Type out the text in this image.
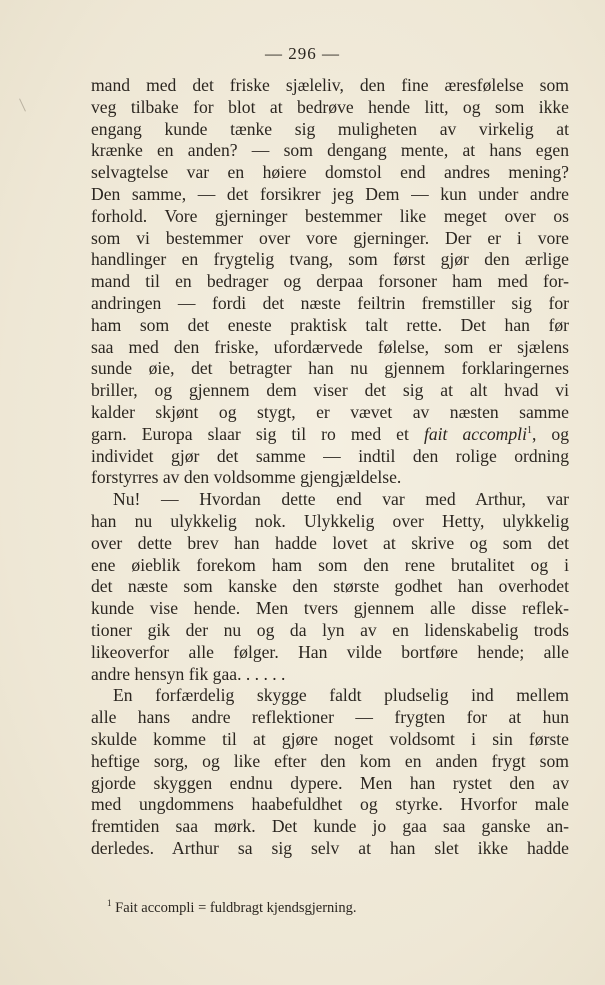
— 296 —
mand med det friske sjæleliv, den fine æresfølelse som
veg tilbake for blot at bedrøve hende litt, og som ikke
engang kunde tænke sig muligheten av virkelig at
krænke en anden? — som dengang mente, at hans egen
selvagtelse var en høiere domstol end andres mening?
Den samme, — det forsikrer jeg Dem — kun under andre
forhold. Vore gjerninger bestemmer like meget over os
som vi bestemmer over vore gjerninger. Der er i vore
handlinger en frygtelig tvang, som først gjør den ærlige
mand til en bedrager og derpaa forsoner ham med for-
andringen — fordi det næste feiltrin fremstiller sig for
ham som det eneste praktisk talt rette. Det han før
saa med den friske, ufordærvede følelse, som er sjælens
sunde øie, det betragter han nu gjennem forklaringernes
briller, og gjennem dem viser det sig at alt hvad vi
kalder skjønt og stygt, er vævet av næsten samme
garn. Europa slaar sig til ro med et fait accompli$^1$, og
individet gjør det samme — indtil den rolige ordning
forstyrres av den voldsomme gjengjældelse.
Nu! — Hvordan dette end var med Arthur, var
han nu ulykkelig nok. Ulykkelig over Hetty, ulykkelig
over dette brev han hadde lovet at skrive og som det
ene øieblik forekom ham som den rene brutalitet og i
det næste som kanske den største godhet han overhodet
kunde vise hende. Men tvers gjennem alle disse reflek-
tioner gik der nu og da lyn av en lidenskabelig trods
likeoverfor alle følger. Han vilde bortføre hende; alle
andre hensyn fik gaa. . . . . .
En forfærdelig skygge faldt pludselig ind mellem
alle hans andre reflektioner — frygten for at hun
skulde komme til at gjøre noget voldsomt i sin første
heftige sorg, og like efter den kom en anden frygt som
gjorde skyggen endnu dypere. Men han rystet den av
med ungdommens haabefuldhet og styrke. Hvorfor male
fremtiden saa mørk. Det kunde jo gaa saa ganske an-
derledes. Arthur sa sig selv at han slet ikke hadde
$^1$ Fait accompli = fuldbragt kjendsgjerning.
